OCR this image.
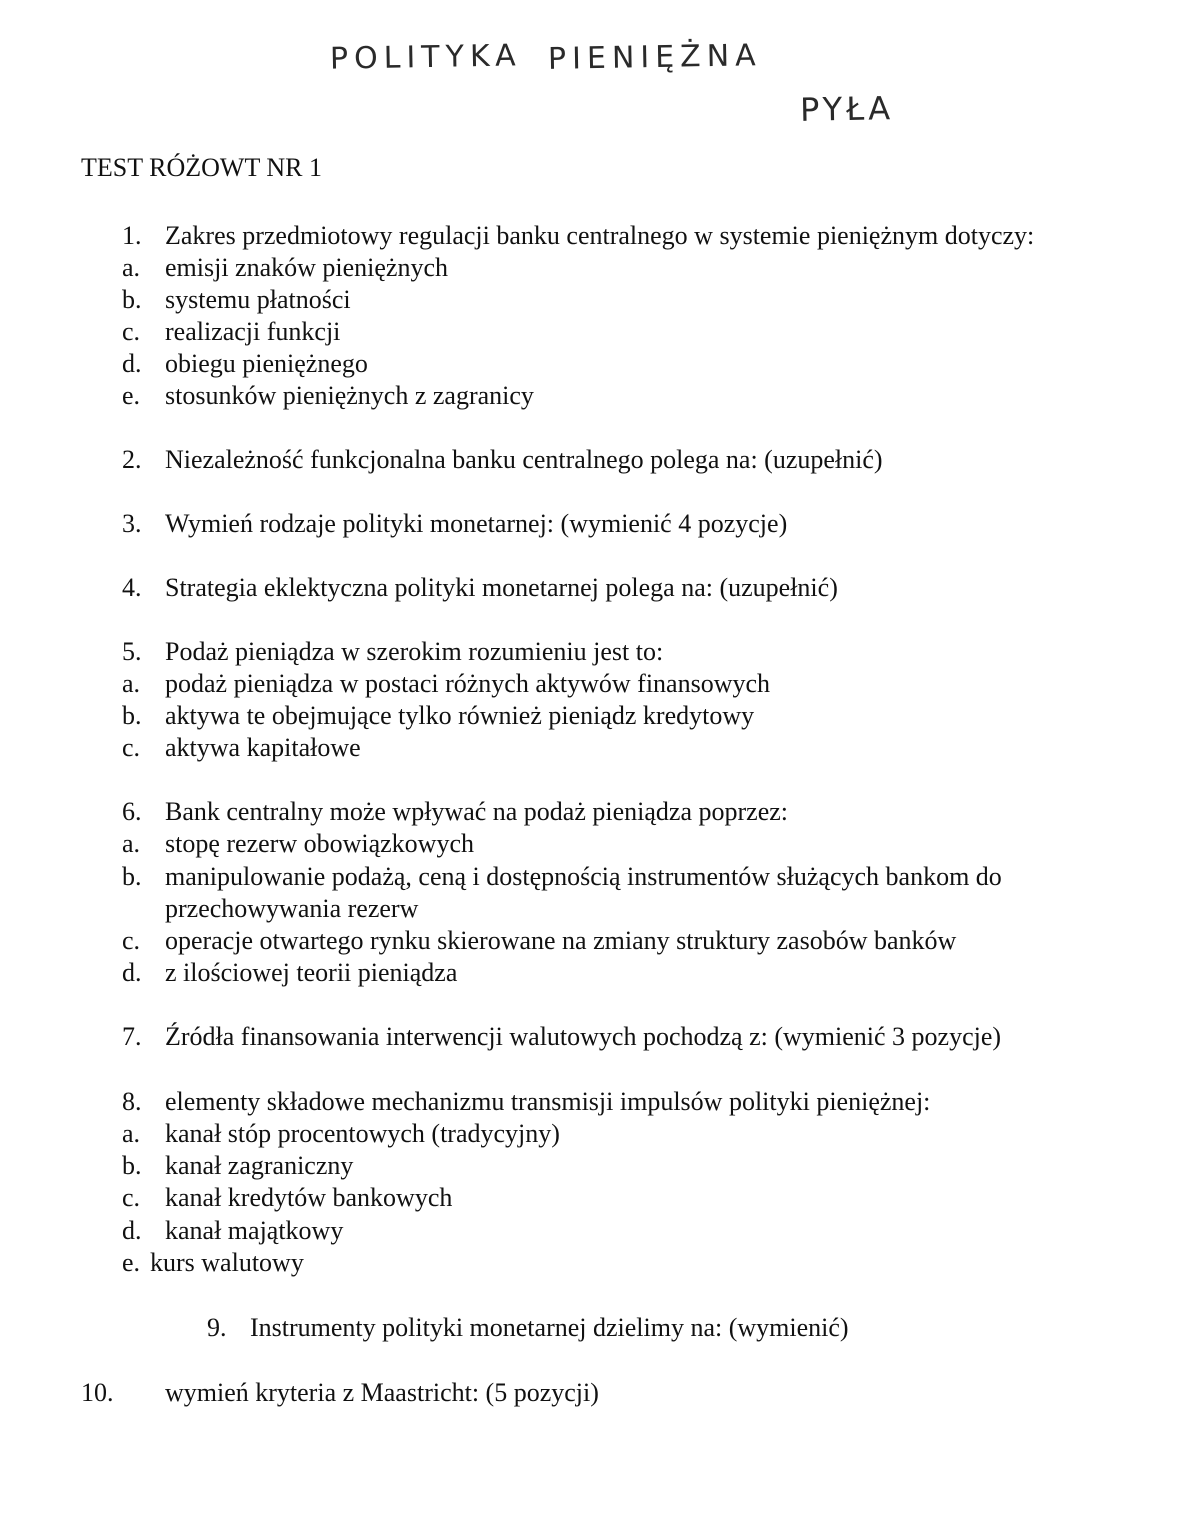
POLITYKA PIENIĘŻNA
PYŁA
TEST RÓŻOWT NR 1
1. Zakres przedmiotowy regulacji banku centralnego w systemie pieniężnym dotyczy:
a. emisji znaków pieniężnych
b. systemu płatności
c. realizacji funkcji
d. obiegu pieniężnego
e. stosunków pieniężnych z zagranicy
2. Niezależność funkcjonalna banku centralnego polega na: (uzupełnić)
3. Wymień rodzaje polityki monetarnej: (wymienić 4 pozycje)
4. Strategia eklektyczna polityki monetarnej polega na: (uzupełnić)
5. Podaż pieniądza w szerokim rozumieniu jest to:
a. podaż pieniądza w postaci różnych aktywów finansowych
b. aktywa te obejmujące tylko również pieniądz kredytowy
c. aktywa kapitałowe
6. Bank centralny może wpływać na podaż pieniądza poprzez:
a. stopę rezerw obowiązkowych
b. manipulowanie podażą, ceną i dostępnością instrumentów służących bankom do
przechowywania rezerw
c. operacje otwartego rynku skierowane na zmiany struktury zasobów banków
d. z ilościowej teorii pieniądza
7. Źródła finansowania interwencji walutowych pochodzą z: (wymienić 3 pozycje)
8. elementy składowe mechanizmu transmisji impulsów polityki pieniężnej:
a. kanał stóp procentowych (tradycyjny)
b. kanał zagraniczny
c. kanał kredytów bankowych
d. kanał majątkowy
e. kurs walutowy
9. Instrumenty polityki monetarnej dzielimy na: (wymienić)
10. wymień kryteria z Maastricht: (5 pozycji)
